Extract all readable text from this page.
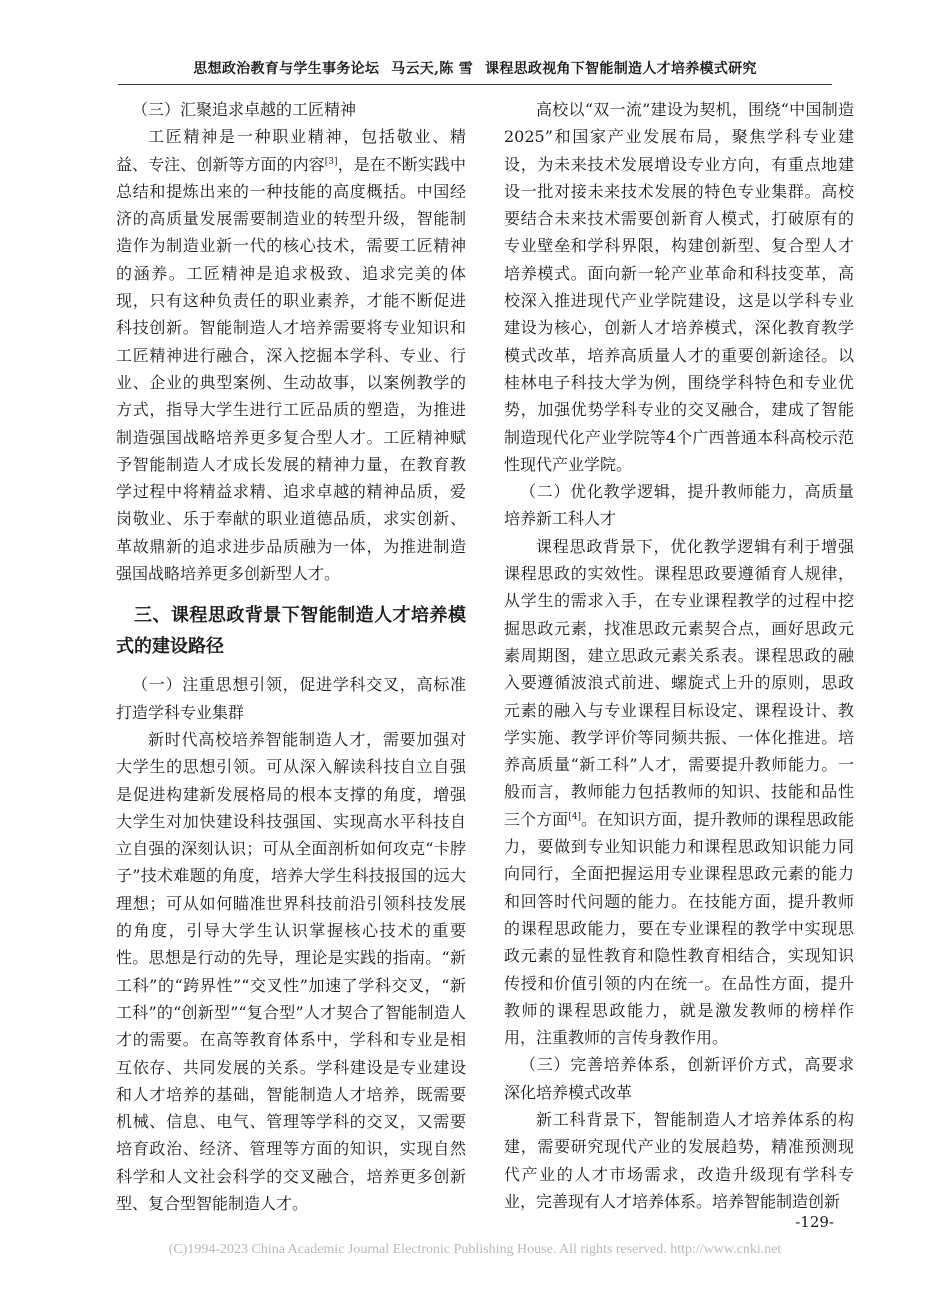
思想政治教育与学生事务论坛 马云天,陈 雪 课程思政视角下智能制造人才培养模式研究

（三）汇聚追求卓越的工匠精神

工匠精神是一种职业精神，包括敬业、精益、专注、创新等方面的内容[3]，是在不断实践中总结和提炼出来的一种技能的高度概括。中国经济的高质量发展需要制造业的转型升级，智能制造作为制造业新一代的核心技术，需要工匠精神的涵养。工匠精神是追求极致、追求完美的体现，只有这种负责任的职业素养，才能不断促进科技创新。智能制造人才培养需要将专业知识和工匠精神进行融合，深入挖掘本学科、专业、行业、企业的典型案例、生动故事，以案例教学的方式，指导大学生进行工匠品质的塑造，为推进制造强国战略培养更多复合型人才。工匠精神赋予智能制造人才成长发展的精神力量，在教育教学过程中将精益求精、追求卓越的精神品质，爱岗敬业、乐于奉献的职业道德品质，求实创新、革故鼎新的追求进步品质融为一体，为推进制造强国战略培养更多创新型人才。

三、课程思政背景下智能制造人才培养模式的建设路径

（一）注重思想引领，促进学科交叉，高标准打造学科专业集群

新时代高校培养智能制造人才，需要加强对大学生的思想引领。可从深入解读科技自立自强是促进构建新发展格局的根本支撑的角度，增强大学生对加快建设科技强国、实现高水平科技自立自强的深刻认识；可从全面剖析如何攻克“卡脖子”技术难题的角度，培养大学生科技报国的远大理想；可从如何瞄准世界科技前沿引领科技发展的角度，引导大学生认识掌握核心技术的重要性。思想是行动的先导，理论是实践的指南。“新工科”的“跨界性”“交叉性”加速了学科交叉，“新工科”的“创新型”“复合型”人才契合了智能制造人才的需要。在高等教育体系中，学科和专业是相互依存、共同发展的关系。学科建设是专业建设和人才培养的基础，智能制造人才培养，既需要机械、信息、电气、管理等学科的交叉，又需要培育政治、经济、管理等方面的知识，实现自然科学和人文社会科学的交叉融合，培养更多创新型、复合型智能制造人才。

高校以“双一流”建设为契机，围绕“中国制造2025”和国家产业发展布局，聚焦学科专业建设，为未来技术发展增设专业方向，有重点地建设一批对接未来技术发展的特色专业集群。高校要结合未来技术需要创新育人模式，打破原有的专业壁垒和学科界限，构建创新型、复合型人才培养模式。面向新一轮产业革命和科技变革，高校深入推进现代产业学院建设，这是以学科专业建设为核心，创新人才培养模式，深化教育教学模式改革，培养高质量人才的重要创新途径。以桂林电子科技大学为例，围绕学科特色和专业优势，加强优势学科专业的交叉融合，建成了智能制造现代化产业学院等4个广西普通本科高校示范性现代产业学院。

（二）优化教学逻辑，提升教师能力，高质量培养新工科人才

课程思政背景下，优化教学逻辑有利于增强课程思政的实效性。课程思政要遵循育人规律，从学生的需求入手，在专业课程教学的过程中挖掘思政元素，找准思政元素契合点，画好思政元素周期图，建立思政元素关系表。课程思政的融入要遵循波浪式前进、螺旋式上升的原则，思政元素的融入与专业课程目标设定、课程设计、教学实施、教学评价等同频共振、一体化推进。培养高质量“新工科”人才，需要提升教师能力。一般而言，教师能力包括教师的知识、技能和品性三个方面[4]。在知识方面，提升教师的课程思政能力，要做到专业知识能力和课程思政知识能力同向同行，全面把握运用专业课程思政元素的能力和回答时代问题的能力。在技能方面，提升教师的课程思政能力，要在专业课程的教学中实现思政元素的显性教育和隐性教育相结合，实现知识传授和价值引领的内在统一。在品性方面，提升教师的课程思政能力，就是激发教师的榜样作用，注重教师的言传身教作用。

（三）完善培养体系，创新评价方式，高要求深化培养模式改革

新工科背景下，智能制造人才培养体系的构建，需要研究现代产业的发展趋势，精准预测现代产业的人才市场需求，改造升级现有学科专业，完善现有人才培养体系。培养智能制造创新

-129-
(C)1994-2023 China Academic Journal Electronic Publishing House. All rights reserved. http://www.cnki.net
